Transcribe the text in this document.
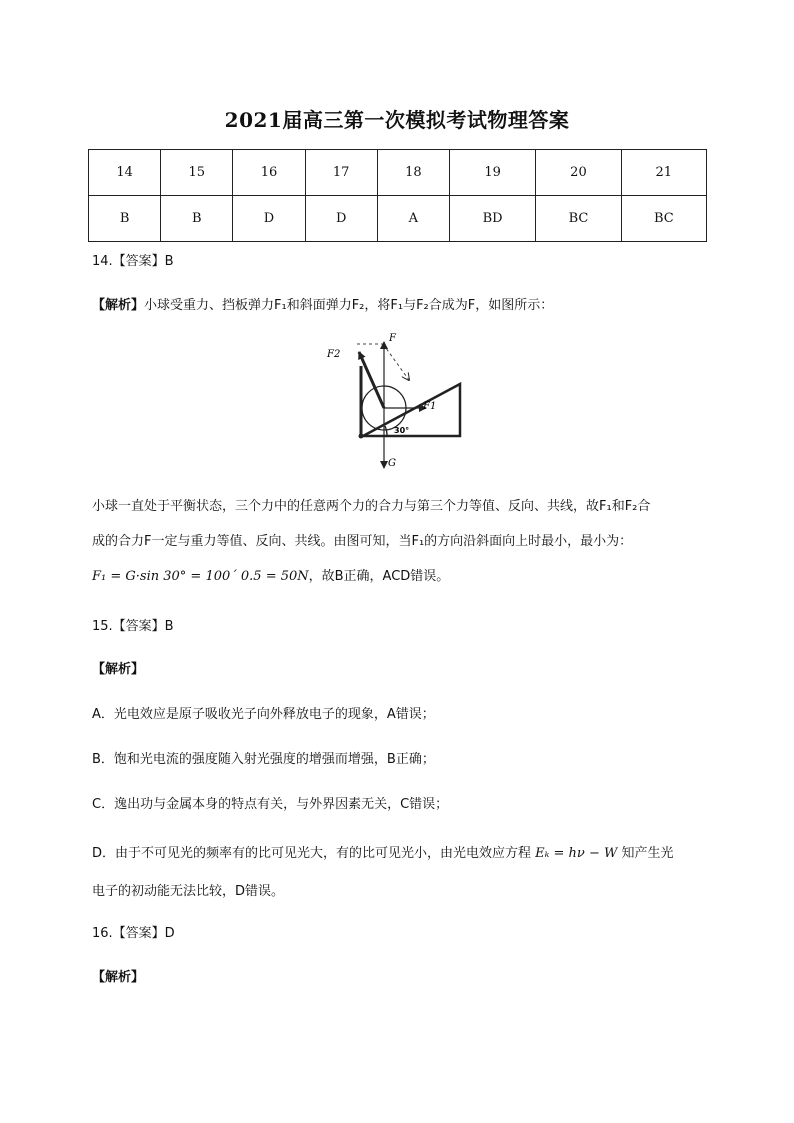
2021届高三第一次模拟考试物理答案
14	15	16	17	18	19	20	21
B	B	D	D	A	BD	BC	BC
14.【答案】B
【解析】小球受重力、挡板弹力F₁和斜面弹力F₂，将F₁与F₂合成为F，如图所示：
F
F2
F1
G
30°
小球一直处于平衡状态，三个力中的任意两个力的合力与第三个力等值、反向、共线，故F₁和F₂合
成的合力F一定与重力等值、反向、共线。由图可知，当F₁的方向沿斜面向上时最小，最小为：
F₁ = G·sin 30° = 100´ 0.5 = 50N，故B正确，ACD错误。
15.【答案】B
【解析】
A．光电效应是原子吸收光子向外释放电子的现象，A错误；
B．饱和光电流的强度随入射光强度的增强而增强，B正确；
C．逸出功与金属本身的特点有关，与外界因素无关，C错误；
D．由于不可见光的频率有的比可见光大，有的比可见光小，由光电效应方程 Eₖ = hν − W 知产生光
电子的初动能无法比较，D错误。
16.【答案】D
【解析】
